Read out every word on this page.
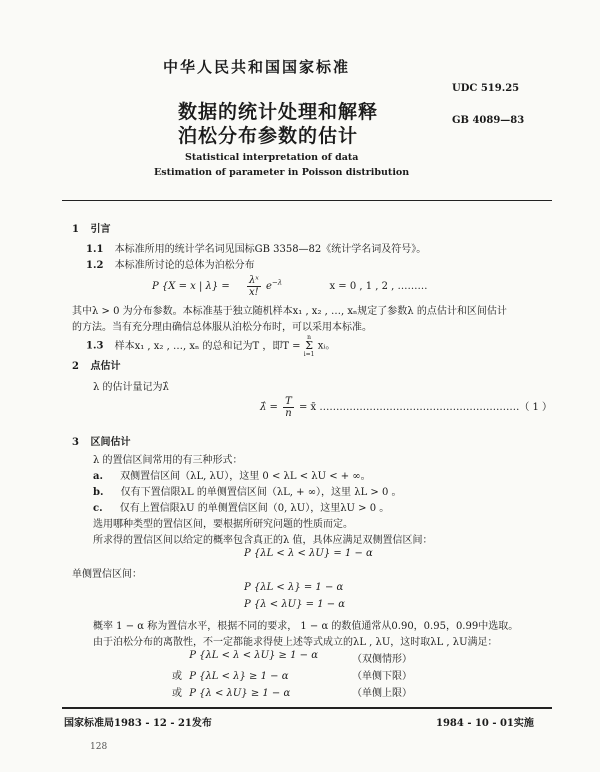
中华人民共和国国家标准
UDC 519.25
GB 4089—83
数据的统计处理和解释
泊松分布参数的估计
Statistical interpretation of data
Estimation of parameter in Poisson distribution
1 引言
1.1 本标准所用的统计学名词见国标GB 3358—82《统计学名词及符号》。
1.2 本标准所讨论的总体为泊松分布
P {X = x | $\lambda\} = \frac{\text{λˣ}}{x!} e^{-\lambda}$	x = 0 , 1 , 2 , ………
其中λ > 0 为分布参数。本标准基于独立随机样本x₁ , x₂ , …, xₙ规定了参数λ 的点估计和区间估计
的方法。当有充分理由确信总体服从泊松分布时，可以采用本标准。
1.3 样本x₁ , x₂ , …, xₙ 的总和记为T ，即T =
n
Σ
i=1
xᵢ。
2 点估计
λ 的估计量记为λ̂
λ̂ = $\frac{T}{n}$ = x̄ ……………………………………………………（ 1 ）
3 区间估计
λ 的置信区间常用的有三种形式：
a. 双侧置信区间（λL, λU），这里 0 < λL < λU < + ∞。
b. 仅有下置信限λL 的单侧置信区间（λL, + ∞），这里 λL > 0 。
c. 仅有上置信限λU 的单侧置信区间（0, λU），这里λU > 0 。
选用哪种类型的置信区间，要根据所研究问题的性质而定。
所求得的置信区间以给定的概率包含真正的λ 值，具体应满足双侧置信区间：
P {λL < λ < λU} = 1 − α
单侧置信区间：
P {λL < λ} = 1 − α
P {λ < λU} = 1 − α
概率 1 − α 称为置信水平，根据不同的要求， 1 − α 的数值通常从0.90，0.95，0.99中选取。
由于泊松分布的离散性，不一定都能求得使上述等式成立的λL , λU，这时取λL , λU满足：
P {λL < λ < λU} ≥ 1 − α	（双侧情形）
或 P {λL < λ} ≥ 1 − α	（单侧下限）
或 P {λ < λU} ≥ 1 − α	（单侧上限）
国家标准局1983 - 12 - 21发布	1984 - 10 - 01实施
128
